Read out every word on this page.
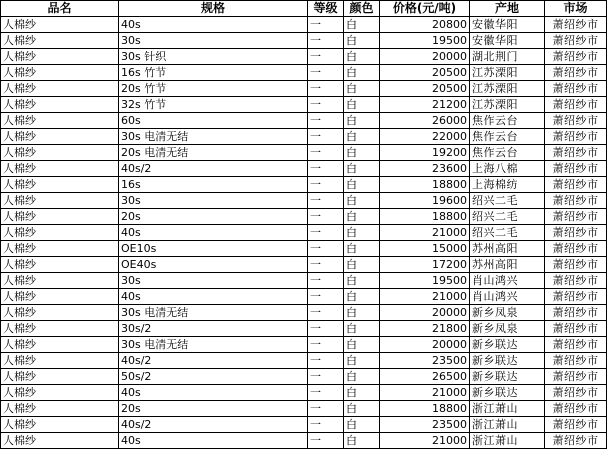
品名	规格	等级	颜色	价格(元/吨)	产地	市场
人棉纱	40s	一	白	20800	安徽华阳	萧绍纱市
人棉纱	30s	一	白	19500	安徽华阳	萧绍纱市
人棉纱	30s 针织	一	白	20000	湖北荆门	萧绍纱市
人棉纱	16s 竹节	一	白	20500	江苏溧阳	萧绍纱市
人棉纱	20s 竹节	一	白	20500	江苏溧阳	萧绍纱市
人棉纱	32s 竹节	一	白	21200	江苏溧阳	萧绍纱市
人棉纱	60s	一	白	26000	焦作云台	萧绍纱市
人棉纱	30s 电清无结	一	白	22000	焦作云台	萧绍纱市
人棉纱	20s 电清无结	一	白	19200	焦作云台	萧绍纱市
人棉纱	40s/2	一	白	23600	上海八棉	萧绍纱市
人棉纱	16s	一	白	18800	上海棉纺	萧绍纱市
人棉纱	30s	一	白	19600	绍兴二毛	萧绍纱市
人棉纱	20s	一	白	18800	绍兴二毛	萧绍纱市
人棉纱	40s	一	白	21000	绍兴二毛	萧绍纱市
人棉纱	OE10s	一	白	15000	苏州高阳	萧绍纱市
人棉纱	OE40s	一	白	17200	苏州高阳	萧绍纱市
人棉纱	30s	一	白	19500	肖山鸿兴	萧绍纱市
人棉纱	40s	一	白	21000	肖山鸿兴	萧绍纱市
人棉纱	30s 电清无结	一	白	20000	新乡凤泉	萧绍纱市
人棉纱	30s/2	一	白	21800	新乡凤泉	萧绍纱市
人棉纱	30s 电清无结	一	白	20000	新乡联达	萧绍纱市
人棉纱	40s/2	一	白	23500	新乡联达	萧绍纱市
人棉纱	50s/2	一	白	26500	新乡联达	萧绍纱市
人棉纱	40s	一	白	21000	新乡联达	萧绍纱市
人棉纱	20s	一	白	18800	浙江萧山	萧绍纱市
人棉纱	40s/2	一	白	23500	浙江萧山	萧绍纱市
人棉纱	40s	一	白	21000	浙江萧山	萧绍纱市
